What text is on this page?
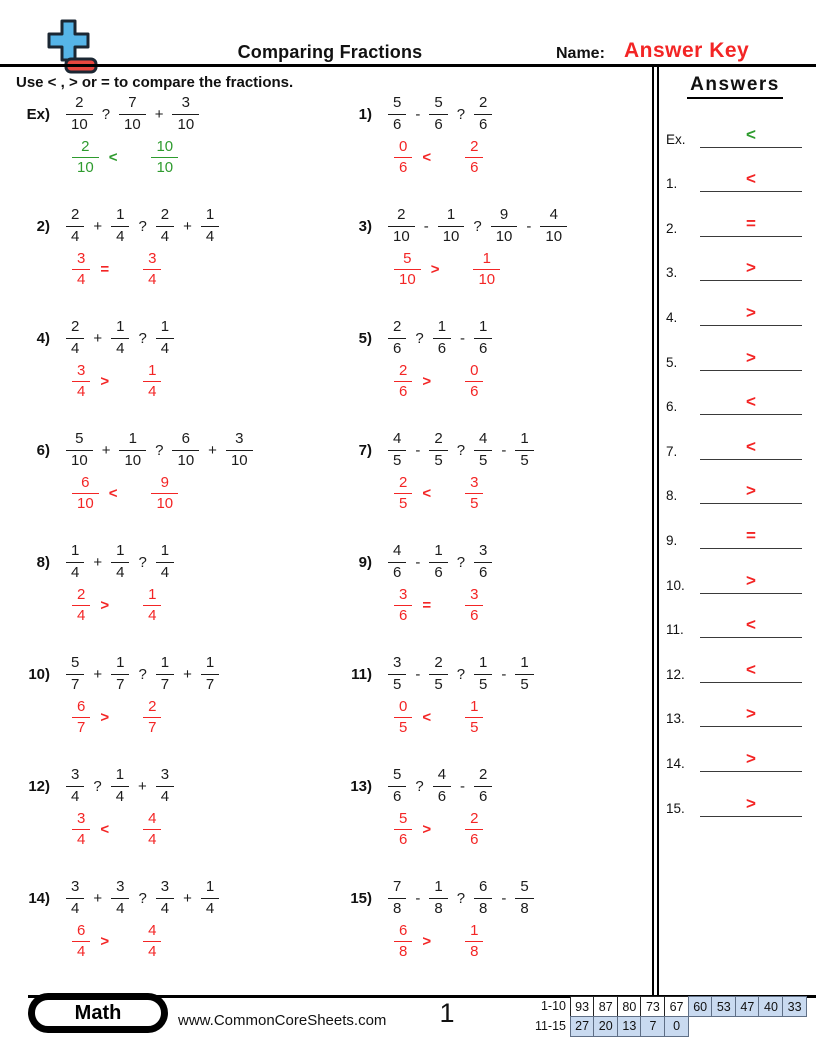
Comparing Fractions	Name: Answer Key
Use < , > or = to compare the fractions.
$Ex) \frac{2}{10}$ ? $\frac{7}{10} + \frac{3}{10}$
$\frac{2}{10} < \frac{10}{10}$
$1) \frac{5}{6} - \frac{5}{6}$ ? $\frac{2}{6}$
$\frac{0}{6} < \frac{2}{6}$
$2) \frac{2}{4} + \frac{1}{4}$ ? $\frac{2}{4} + \frac{1}{4}$
$\frac{3}{4} = \frac{3}{4}$
$3) \frac{2}{10} - \frac{1}{10}$ ? $\frac{9}{10} - \frac{4}{10}$
$\frac{5}{10} > \frac{1}{10}$
$4) \frac{2}{4} + \frac{1}{4}$ ? $\frac{1}{4}$
$\frac{3}{4} > \frac{1}{4}$
$5) \frac{2}{6}$ ? $\frac{1}{6} - \frac{1}{6}$
$\frac{2}{6} > \frac{0}{6}$
$6) \frac{5}{10} + \frac{1}{10}$ ? $\frac{6}{10} + \frac{3}{10}$
$\frac{6}{10} < \frac{9}{10}$
$7) \frac{4}{5} - \frac{2}{5}$ ? $\frac{4}{5} - \frac{1}{5}$
$\frac{2}{5} < \frac{3}{5}$
$8) \frac{1}{4} + \frac{1}{4}$ ? $\frac{1}{4}$
$\frac{2}{4} > \frac{1}{4}$
$9) \frac{4}{6} - \frac{1}{6}$ ? $\frac{3}{6}$
$\frac{3}{6} = \frac{3}{6}$
$10) \frac{5}{7} + \frac{1}{7}$ ? $\frac{1}{7} + \frac{1}{7}$
$\frac{6}{7} > \frac{2}{7}$
$11) \frac{3}{5} - \frac{2}{5}$ ? $\frac{1}{5} - \frac{1}{5}$
$\frac{0}{5} < \frac{1}{5}$
$12) \frac{3}{4}$ ? $\frac{1}{4} + \frac{3}{4}$
$\frac{3}{4} < \frac{4}{4}$
$13) \frac{5}{6}$ ? $\frac{4}{6} - \frac{2}{6}$
$\frac{5}{6} > \frac{2}{6}$
$14) \frac{3}{4} + \frac{3}{4}$ ? $\frac{3}{4} + \frac{1}{4}$
$\frac{6}{4} > \frac{4}{4}$
$15) \frac{7}{8} - \frac{1}{8}$ ? $\frac{6}{8} - \frac{5}{8}$
$\frac{6}{8} > \frac{1}{8}$
Answers
Ex.	<
1.	<
2.	=
3.	>
4.	>
5.	>
6.	<
7.	<
8.	>
9.	=
10.	>
11.	<
12.	<
13.	>
14.	>
15.	>
Math	www.CommonCoreSheets.com 1	1-10 93 87 80 73 67 60 53 47 40 33
11-15 27 20 13	7	0
